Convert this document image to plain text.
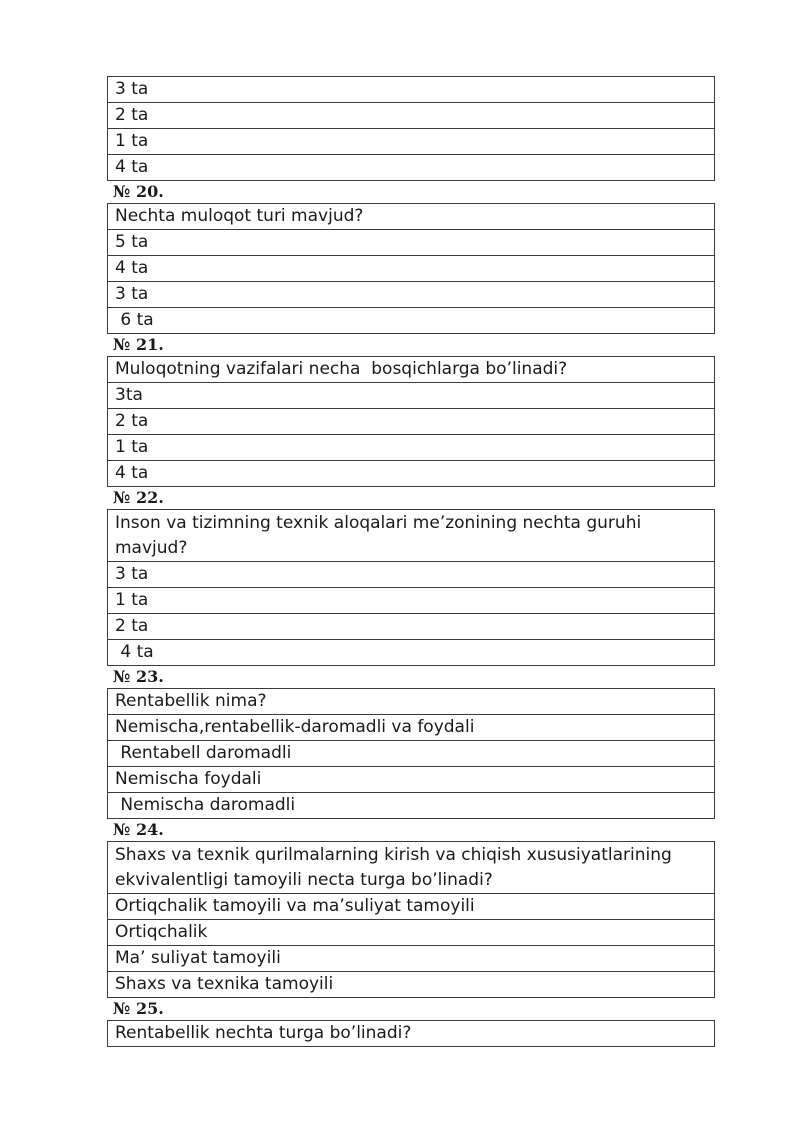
3 ta
2 ta
1 ta
4 ta
№ 20.
Nechta muloqot turi mavjud?
5 ta
4 ta
3 ta
6 ta
№ 21.
Muloqotning vazifalari necha  bosqichlarga bo’linadi?
3ta
2 ta
1 ta
4 ta
№ 22.
Inson va tizimning texnik aloqalari me’zonining nechta guruhi mavjud?
3 ta
1 ta
2 ta
4 ta
№ 23.
Rentabellik nima?
Nemischa,rentabellik-daromadli va foydali
Rentabell daromadli
Nemischa foydali
Nemischa daromadli
№ 24.
Shaxs va texnik qurilmalarning kirish va chiqish xususiyatlarining ekvivalentligi tamoyili necta turga bo’linadi?
Ortiqchalik tamoyili va ma’suliyat tamoyili
Ortiqchalik
Ma’ suliyat tamoyili
Shaxs va texnika tamoyili
№ 25.
Rentabellik nechta turga bo’linadi?
